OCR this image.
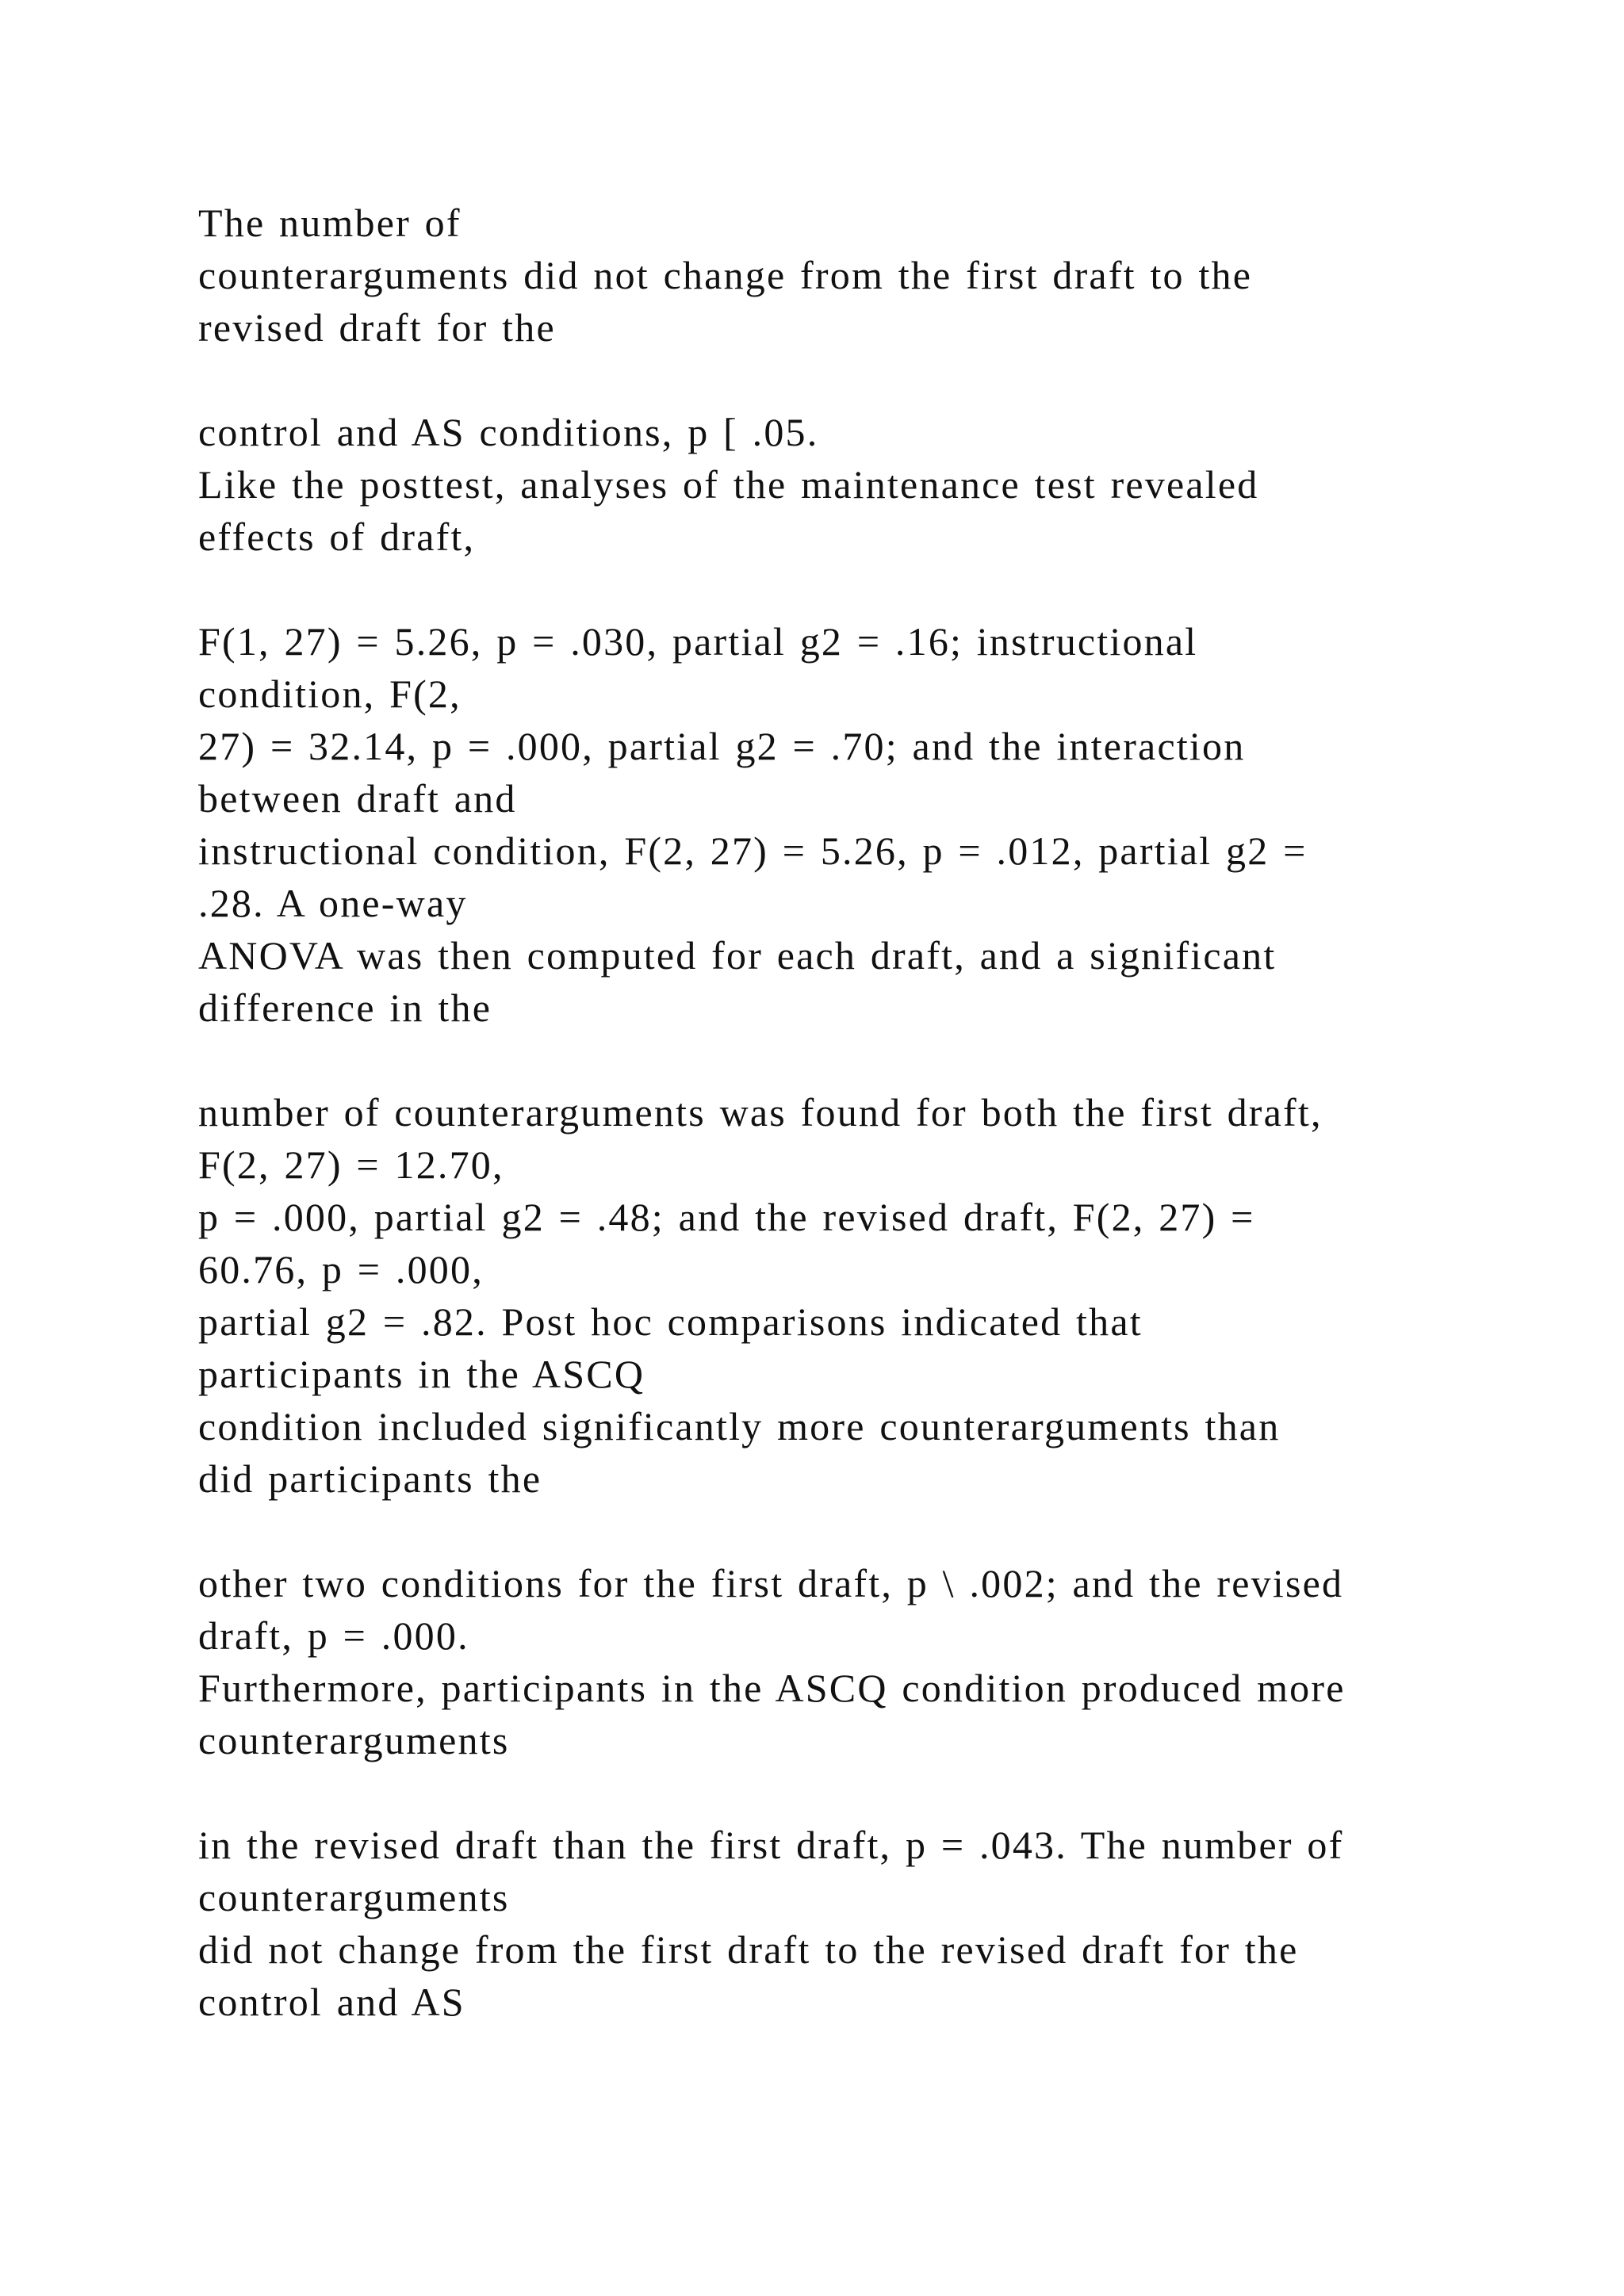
The number of
counterarguments did not change from the first draft to the
revised draft for the
control and AS conditions, p [ .05.
Like the posttest, analyses of the maintenance test revealed
effects of draft,
F(1, 27) = 5.26, p = .030, partial g2 = .16; instructional
condition, F(2,
27) = 32.14, p = .000, partial g2 = .70; and the interaction
between draft and
instructional condition, F(2, 27) = 5.26, p = .012, partial g2 =
.28. A one-way
ANOVA was then computed for each draft, and a significant
difference in the
number of counterarguments was found for both the first draft,
F(2, 27) = 12.70,
p = .000, partial g2 = .48; and the revised draft, F(2, 27) =
60.76, p = .000,
partial g2 = .82. Post hoc comparisons indicated that
participants in the ASCQ
condition included significantly more counterarguments than
did participants the
other two conditions for the first draft, p \ .002; and the revised
draft, p = .000.
Furthermore, participants in the ASCQ condition produced more
counterarguments
in the revised draft than the first draft, p = .043. The number of
counterarguments
did not change from the first draft to the revised draft for the
control and AS
